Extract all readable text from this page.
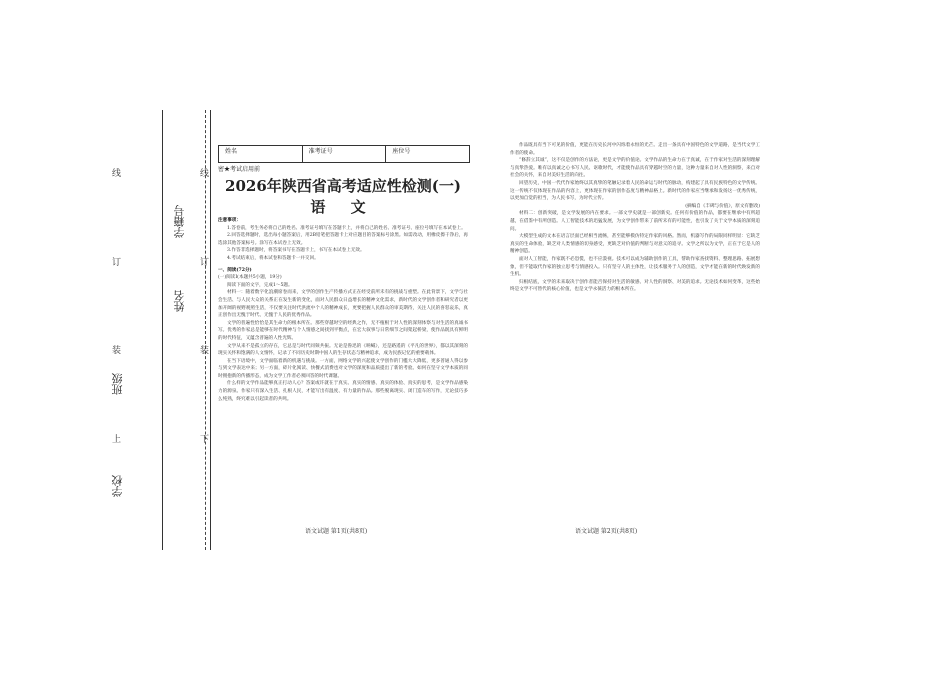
学校
班级
姓名
学籍号
上
装
订
线
下
装
订
线
姓名	准考证号	座位号
密★考试启用前
2026年陕西省高考适应性检测(一)
语 文

注意事项：

1.答卷前，考生务必将自己的姓名、准考证号填写在答题卡上，并将自己的姓名、准考证号、座位号填写在本试卷上。

2.回答选择题时，选出每小题答案后，用2B铅笔把答题卡上对应题目的答案标号涂黑。如需改动，用橡皮擦干净后，再选涂其他答案标号。涂写在本试卷上无效。

3.作答非选择题时，将答案书写在答题卡上，书写在本试卷上无效。

4.考试结束后，将本试卷和答题卡一并交回。

一、阅读(72分)

(一)阅读Ⅰ(本题共5小题，19分)

阅读下面的文字，完成1～5题。

材料一：随着数字化浪潮席卷而来，文学的创作生产传播方式正在经受前所未有的挑战与重塑。在此背景下，文学与社会生活、与人民大众的关系正在发生新的变化，面对人民群众日益增长的精神文化需求，新时代的文学创作者和研究者以更加开阔的视野观照生活，不仅要关注时代洪流中个人的精神成长，更要把握人民群众的审美期待，关注人民的喜怒哀乐，真正创作出无愧于时代、无愧于人民的优秀作品。

文学的普遍性恰恰是其生命力的根本所在。那些穿越时空的经典之作，无不植根于对人性的深刻体察与对生活的真诚书写。优秀的作家总是能够在时代精神与个人情感之间找到平衡点，在宏大叙事与日常细节之间架起桥梁，使作品既具有鲜明的时代特征，又蕴含普遍的人性光辉。

文学从来不是孤立的存在，它总是与时代同频共振。无论是鲁迅的《呐喊》，还是路遥的《平凡的世界》，都以其深刻的现实关怀和饱满的人文情怀，记录了不同历史时期中国人的生存状态与精神追求，成为民族记忆的重要载体。

在当下语境中，文学面临着新的机遇与挑战。一方面，网络文学的兴起使文学创作的门槛大大降低，更多普通人得以参与到文学表达中来；另一方面，碎片化阅读、快餐式消费也对文学的深度和品质提出了新的考验。如何在坚守文学本质的同时拥抱新的传播形态，成为文学工作者必须回答的时代课题。

什么样的文学作品能够真正打动人心？答案或许就在于真实。真实的情感、真实的体验、真实的思考，是文学作品感染力的源泉。作家只有深入生活、扎根人民，才能写出有温度、有力量的作品。那些脱离现实、闭门造车的写作，无论技巧多么纯熟，终究难以引起读者的共鸣。

语文试题 第1页(共8页)

作品既具有当下可见的价值，更能在历史长河中闪烁着永恒的光芒。走出一条具有中国特色的文学道路，是当代文学工作者的使命。

“修辞立其诚”，这不仅是创作的方法论，更是文学的价值论。文学作品的生命力在于真诚，在于作家对生活的深刻理解与真挚热爱。唯有以真诚之心书写人民、讴歌时代，才能使作品具有穿越时空的力量，这种力量来自对人性的洞察，来自对社会的关怀，来自对美好生活的向往。

回望历史，中国一代代作家始终以其真挚的笔触记录着人民的命运与时代的脉动，构建起了具有民族特色的文学传统。这一传统不仅体现在作品的内容上，更体现在作家的创作态度与精神品格上。新时代的作家应当继承和发扬这一优秀传统，以更加自觉的担当，为人民书写，为时代立传。

(摘编自《丰碑与价值》，原文有删改)

材料二：创新突破，是文学发展的内在要求。一部文学史就是一部创新史。任何有价值的作品，都要在继承中有所超越，在借鉴中有所创造。人工智能技术的迅猛发展，为文学创作带来了前所未有的可能性，也引发了关于文学本质的深刻追问。

大模型生成的文本在语言层面已经相当流畅，甚至能够模仿特定作家的风格。然而，机器写作的局限同样明显：它缺乏真实的生命体验，缺乏对人类情感的切身感受，更缺乏对价值的判断与对意义的追寻。文学之所以为文学，正在于它是人的精神创造。

面对人工智能，作家既不必恐慌，也不应漠视。技术可以成为辅助创作的工具，帮助作家查找资料、整理思路、拓展想象，但不能取代作家的独立思考与情感投入。只有坚守人的主体性，让技术服务于人的创造，文学才能在新的时代焕发新的生机。

归根结底，文学的未来取决于创作者能否保持对生活的敏感、对人性的洞察、对美的追求。无论技术如何变革，这些始终是文学不可替代的核心价值，也是文学永葆活力的根本所在。

语文试题 第2页(共8页)
